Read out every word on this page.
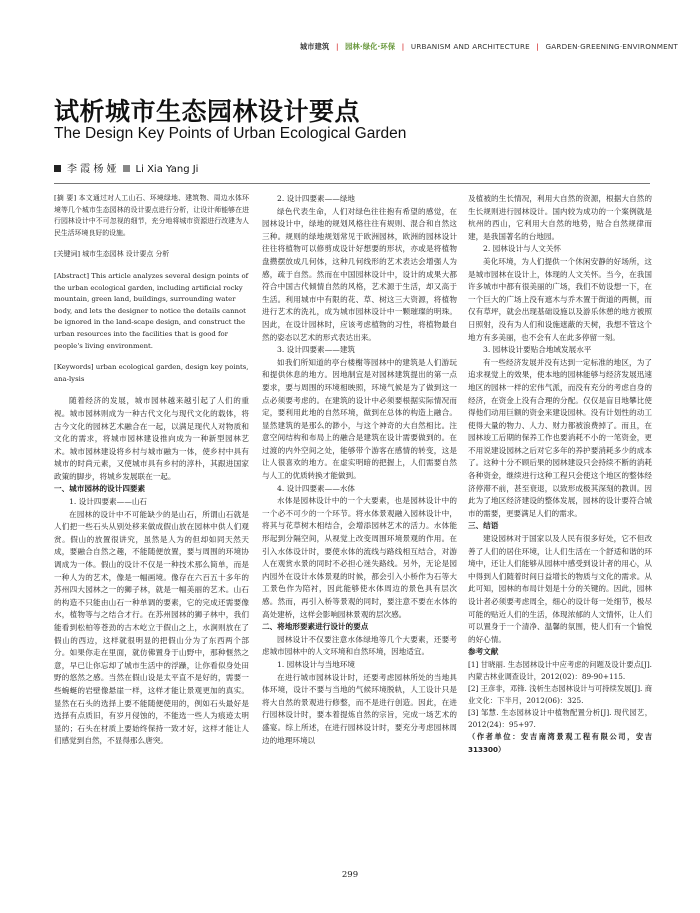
城市建筑 | 园林·绿化·环保 | URBANISM AND ARCHITECTURE | GARDEN·GREENING·ENVIRONMENT
试析城市生态园林设计要点
The Design Key Points of Urban Ecological Garden
李 霞 杨 娅 Li Xia Yang Ji

[摘 要] 本文通过对人工山石、环境绿地、建筑物、周边水体环境等几个城市生态园林的设计要点进行分析，让设计师能够在进行园林设计中不可忽视的细节，充分地将城市资源进行改建为人民生活环境良好的设施。

[关键词] 城市生态园林 设计要点 分析

[Abstract] This article analyzes several design points of the urban ecological garden, including artificial rocky mountain, green land, buildings, surrounding water body, and lets the designer to notice the details cannot be ignored in the land-scape design, and construct the urban resources into the facilities that is good for people's living environment.

[Keywords] urban ecological garden, design key points, ana-lysis

随着经济的发展，城市园林越来越引起了人们的重视。城市园林则成为一种古代文化与现代文化的载体，将古今文化的园林艺术融合在一起，以满足现代人对物质和文化的需求，将城市园林建设推向成为一种新型园林艺术。城市园林建设将乡村与城市融为一体，使乡村中具有城市的时尚元素，又使城市具有乡村的淳朴，其跟进国家政策的脚步，将城乡发展联在一起。

一、城市园林的设计四要素

1. 设计四要素——山石

在园林的设计中不可能缺少的是山石，所谓山石就是人们把一些石头从别处移来做成假山放在园林中供人们观赏。假山的放置很讲究，虽然是人为的但却如同天然天成，要融合自然之趣，不能随便放置，要与周围的环境协调成为一体。假山的设计不仅是一种技术那么简单，而是一种人为的艺术，像是一幅画境。像存在六百五十多年的苏州四大园林之一的狮子林，就是一幅美丽的艺术。山石的构造不只能由山石一种单调的要素，它的完成还需要像水，植物等与之结合才行。在苏州园林的狮子林中，我们能看到松柏等苍劲的古木屹立于假山之上，水涧则放在了假山的西边，这样就很明显的把假山分为了东西两个部分。如果你走在里面，就仿佛置身于山野中，那种惬然之意，早已让你忘却了城市生活中的浮躁，让你看似身处田野的悠然之感。当然在假山设是太平直不是好的，需要一些蜿蜒的岩壁像悬崖一样，这样才能让景观更加的真实。显然在石头的选择上要不能随便使用的，例如石头最好是选择有点质旧，有岁月侵蚀的，不能选一些人为痕迹太明显的；石头在材质上要始终保持一致才好，这样才能让人们感觉到自然，不显得那么唐突。

2. 设计四要素——绿地

绿色代表生命，人们对绿色往往抱有希望的感觉，在园林设计中，绿地的规划风格往往有规则、混合和自然这三种。规则的绿地规划常见于欧洲园林，欧洲的园林设计往往将植物可以修剪成设计好想要的形状，亦或是将植物盘攒摆放成几何体，这种几何线形的艺术表达会增强人为感，疏于自然。然而在中国园林设计中，设计的成果大都符合中国古代倾情自然的风格，艺术源于生活，却又高于生活。利用城市中有限的花、草、树这三大资源，将植物进行艺术的洗礼，成为城市园林设计中一颗璀璨的明珠。因此，在设计园林时，应该考虑植物的习性，将植物最自然的姿态以艺术的形式表达出来。

3. 设计四要素——建筑

如我们所知道的亭台楼榭等园林中的建筑是人们游玩和提供休息的地方。因地制宜是对园林建筑提出的第一点要求，要与周围的环境相映照，环境气候是为了做到这一点必须要考虑的。在建筑的设计中必须要根据实际情况而定，要利用此地的自然环境，做到在总体的构造上融合。显然建筑的是那么的渺小，与这个神奇的大自然相比。注意空间结构和布局上的融合是建筑在设计需要做到的。在过渡的内外空间之处，能够带个游客在感情的转变，这是让人很喜欢的地方。在虚实明暗的把握上，人们需要自然与人工的优质转换才能做到。

4. 设计四要素——水体

水体是园林设计中的一个大要素，也是园林设计中的一个必不可少的一个环节。将水体景观融入园林设计中，将其与花草树木相结合，会增添园林艺术的活力。水体能形起到分隔空间，从视觉上改变周围环境景观的作用。在引入水体设计时，要使水体的流线与路线相互结合，对游人在观赏水景的同时不必担心迷失路线。另外，无论是园内园外在设计水体景观的时候，都会引入小桥作为石等大工景色作为陪衬，因此能够使水体周边的景色具有层次感。然而，再引入桥等景观的同时，要注意不要在水体的高处建桥，这样会影响园林景观的层次感。

二、将地形要素进行设计的要点

园林设计不仅要注意水体绿地等几个大要素，还要考虑城市园林中的人文环境和自然环境，因地适宜。

1. 园林设计与当地环境

在进行城市园林设计时，还要考虑园林所处的当地具体环境，设计不要与当地的气候环境脱轨，人工设计只是将大自然的景观进行修整，而不是进行创造。因此，在进行园林设计时，要本着提炼自然的宗旨，完成一场艺术的盛宴。综上所述，在进行园林设计时，要充分考虑园林周边的地理环境以

及植被的生长情况，利用大自然的资源，根据大自然的生长规则进行园林设计。国内较为成功的一个案例就是杭州的西山，它利用大自然的地势，贴合自然规律而建，是我国著名的台地园。

2. 园林设计与人文关怀

美化环境，为人们提供一个休闲安静的好场所，这是城市园林在设计上，体现的人文关怀。当今，在我国许多城市中都有很美丽的广场，我们不妨设想一下，在一个巨大的广场上没有遮木与乔木置于街道的两侧，而仅有草坪，就会出现基础设施以及游乐休憩的地方被照日照射，没有为人们和设施遮蔽的天树，我想不管这个地方有多美丽，也不会有人在此多停留一刻。

3. 园林设计要贴合地域发展水平

有一些经济发展并没有达到一定标准的地区，为了追求视觉上的效果，使本地的园林能够与经济发展迅速地区的园林一样的宏伟气派，而没有充分的考虑自身的经济，在资金上没有合理的分配。仅仅是盲目地攀比使得他们动用巨额的资金来建设园林。没有计划性的动工使得大量的物力、人力、财力都被浪费掉了。而且，在园林竣工后期的保养工作也要消耗不小的一笔资金，更不用说建设园林之后对它多年的养护要消耗多少的成本了。这种十分不顾后果的园林建设只会持续不断的消耗各种资金，继续进行这种工程只会使这个地区的整体经济停滞不前，甚至衰退，以致形成极其深刻的教训。因此为了地区经济建设的整体发展，园林的设计要符合城市的需要，更要满足人们的需求。

三、结语

建设园林对于国家以及人民有很多好处，它不但改善了人们的居住环境，让人们生活在一个舒适和谐的环境中，还让人们能够从园林中感受到设计者的用心，从中得到人们随着时间日益增长的物质与文化的需求。从此可知，园林的布局计划是十分的关键的。因此，园林设计者必须要考虑周全，细心的设计每一处细节，极尽可能的贴近人们的生活，体现浓郁的人文情怀，让人们可以置身于一个清净、温馨的氛围，使人们有一个愉悦的好心情。

参考文献

[1] 甘晓丽. 生态园林设计中应考虑的问题及设计要点[J]. 内蒙古林业调查设计，2012(02)：89-90+115.

[2] 王彦非，邓锋. 浅析生态园林设计与可持续发展[J]. 商业文化：下半月，2012(06)：325.

[3] 邹慧. 生态园林设计中植物配置分析[J]. 现代园艺，2012(24)：95+97.

（作者单位：安吉南湾景观工程有限公司，安吉 313300）

299
